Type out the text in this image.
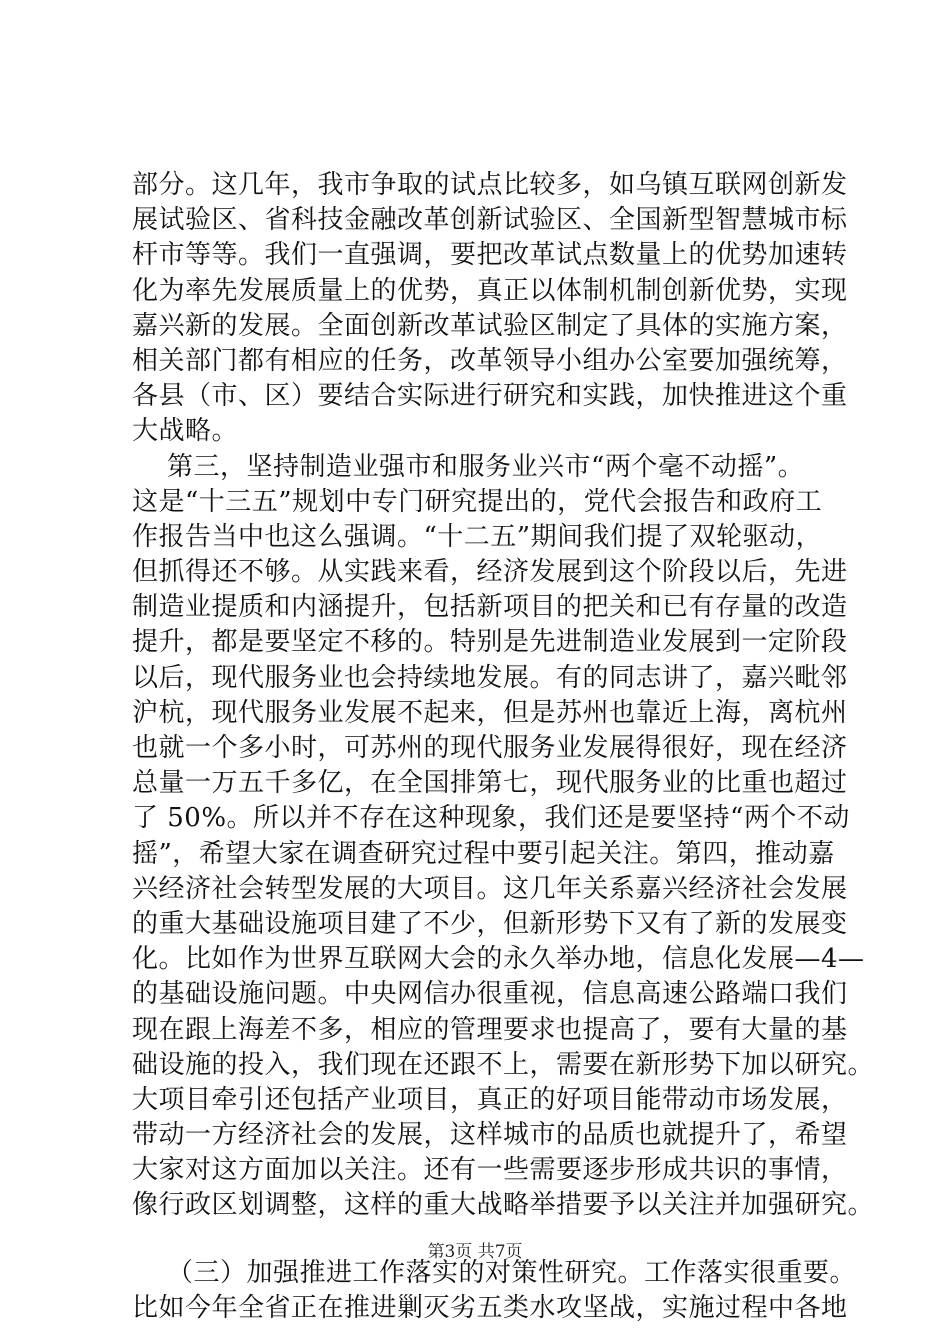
部分。这几年，我市争取的试点比较多，如乌镇互联网创新发
展试验区、省科技金融改革创新试验区、全国新型智慧城市标
杆市等等。我们一直强调，要把改革试点数量上的优势加速转
化为率先发展质量上的优势，真正以体制机制创新优势，实现
嘉兴新的发展。全面创新改革试验区制定了具体的实施方案，
相关部门都有相应的任务，改革领导小组办公室要加强统筹，
各县（市、区）要结合实际进行研究和实践，加快推进这个重
大战略。
第三，坚持制造业强市和服务业兴市“两个毫不动摇”。
这是“十三五”规划中专门研究提出的，党代会报告和政府工
作报告当中也这么强调。“十二五”期间我们提了双轮驱动，
但抓得还不够。从实践来看，经济发展到这个阶段以后，先进
制造业提质和内涵提升，包括新项目的把关和已有存量的改造
提升，都是要坚定不移的。特别是先进制造业发展到一定阶段
以后，现代服务业也会持续地发展。有的同志讲了，嘉兴毗邻
沪杭，现代服务业发展不起来，但是苏州也靠近上海，离杭州
也就一个多小时，可苏州的现代服务业发展得很好，现在经济
总量一万五千多亿，在全国排第七，现代服务业的比重也超过
了 50%。所以并不存在这种现象，我们还是要坚持“两个不动
摇”，希望大家在调查研究过程中要引起关注。第四，推动嘉
兴经济社会转型发展的大项目。这几年关系嘉兴经济社会发展
的重大基础设施项目建了不少，但新形势下又有了新的发展变
化。比如作为世界互联网大会的永久举办地，信息化发展—4—
的基础设施问题。中央网信办很重视，信息高速公路端口我们
现在跟上海差不多，相应的管理要求也提高了，要有大量的基
础设施的投入，我们现在还跟不上，需要在新形势下加以研究。
大项目牵引还包括产业项目，真正的好项目能带动市场发展，
带动一方经济社会的发展，这样城市的品质也就提升了，希望
大家对这方面加以关注。还有一些需要逐步形成共识的事情，
像行政区划调整，这样的重大战略举措要予以关注并加强研究。
（三）加强推进工作落实的对策性研究。工作落实很重要。
比如今年全省正在推进剿灭劣五类水攻坚战，实施过程中各地
第3页 共7页
